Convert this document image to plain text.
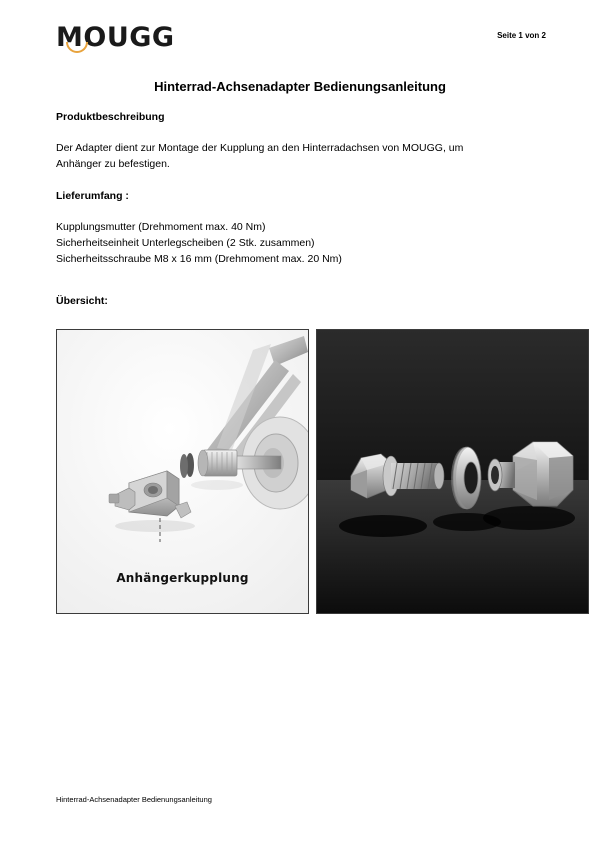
MOUGG	Seite 1 von 2
Hinterrad-Achsenadapter Bedienungsanleitung
Produktbeschreibung
Der Adapter dient zur Montage der Kupplung an den Hinterradachsen von MOUGG, um
Anhänger zu befestigen.
Lieferumfang :
Kupplungsmutter (Drehmoment max. 40 Nm)
Sicherheitseinheit Unterlegscheiben (2 Stk. zusammen)
Sicherheitsschraube M8 x 16 mm (Drehmoment max. 20 Nm)
Übersicht:
Anhängerkupplung
Hinterrad-Achsenadapter Bedienungsanleitung
